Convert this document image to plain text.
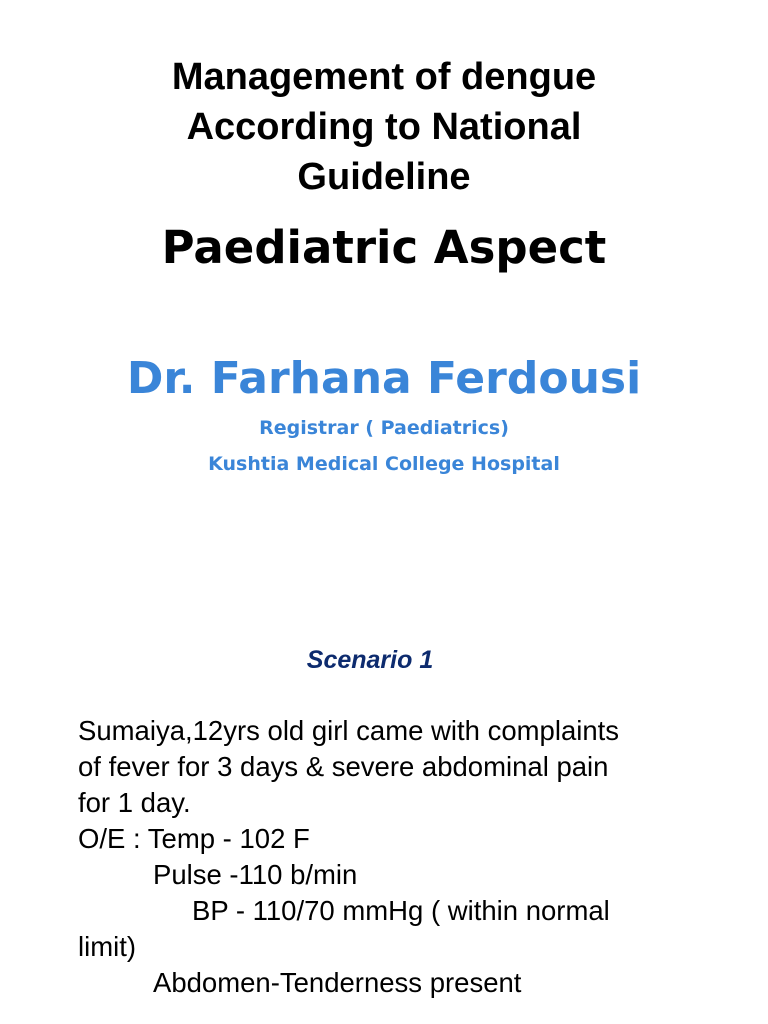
Management of dengue
According to National
Guideline
Paediatric Aspect
Dr. Farhana Ferdousi
Registrar ( Paediatrics)
Kushtia Medical College Hospital
Scenario 1
Sumaiya,12yrs old girl came with complaints
of fever for 3 days & severe abdominal pain
for 1 day.
O/E : Temp - 102 F
Pulse -110 b/min
BP - 110/70 mmHg ( within normal
limit)
Abdomen-Tenderness present
